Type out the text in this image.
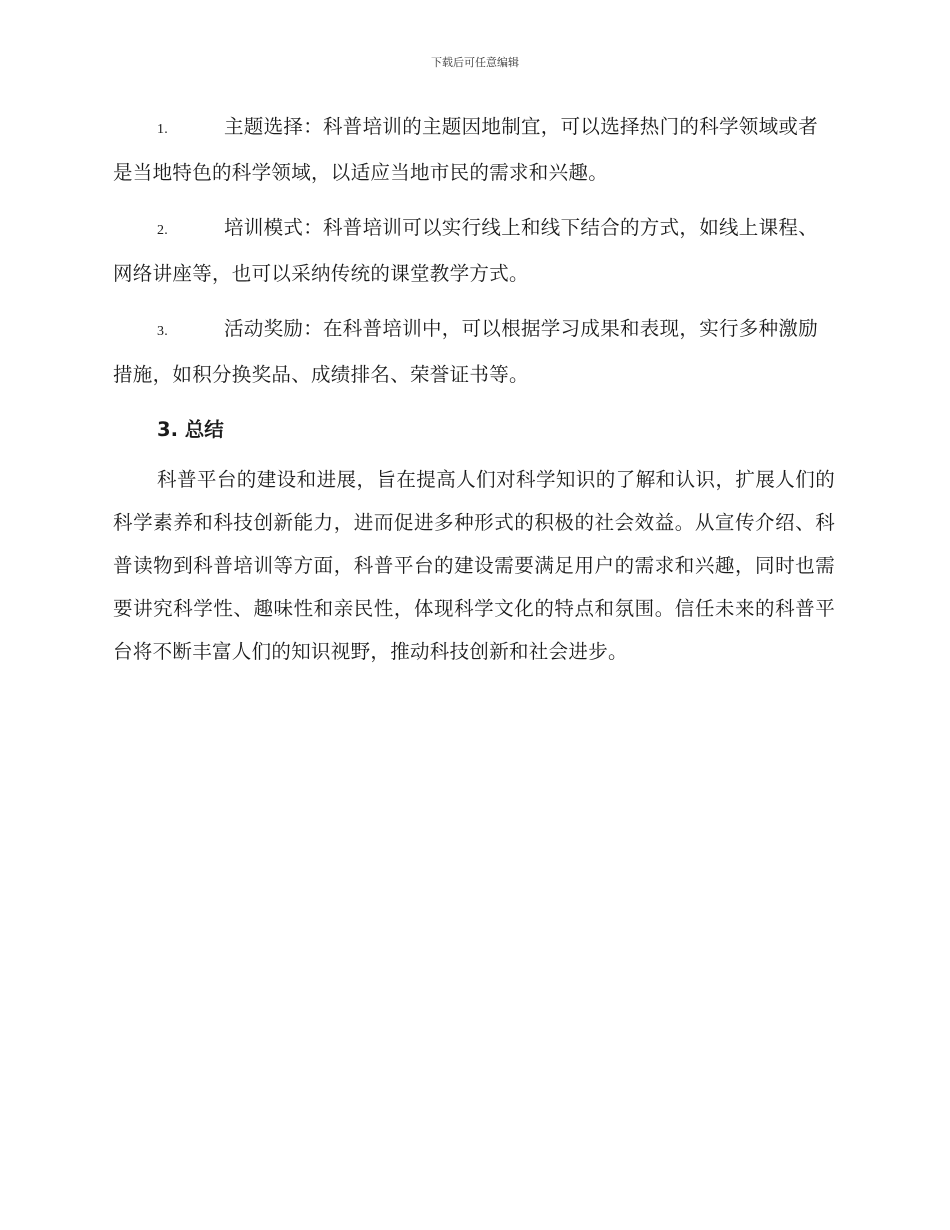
下载后可任意编辑

1.	主题选择：科普培训的主题因地制宜，可以选择热门的科学领域或者是当地特色的科学领域，以适应当地市民的需求和兴趣。

2.	培训模式：科普培训可以实行线上和线下结合的方式，如线上课程、网络讲座等，也可以采纳传统的课堂教学方式。

3.	活动奖励：在科普培训中，可以根据学习成果和表现，实行多种激励措施，如积分换奖品、成绩排名、荣誉证书等。

3. 总结

科普平台的建设和进展，旨在提高人们对科学知识的了解和认识，扩展人们的科学素养和科技创新能力，进而促进多种形式的积极的社会效益。从宣传介绍、科普读物到科普培训等方面，科普平台的建设需要满足用户的需求和兴趣，同时也需要讲究科学性、趣味性和亲民性，体现科学文化的特点和氛围。信任未来的科普平台将不断丰富人们的知识视野，推动科技创新和社会进步。
